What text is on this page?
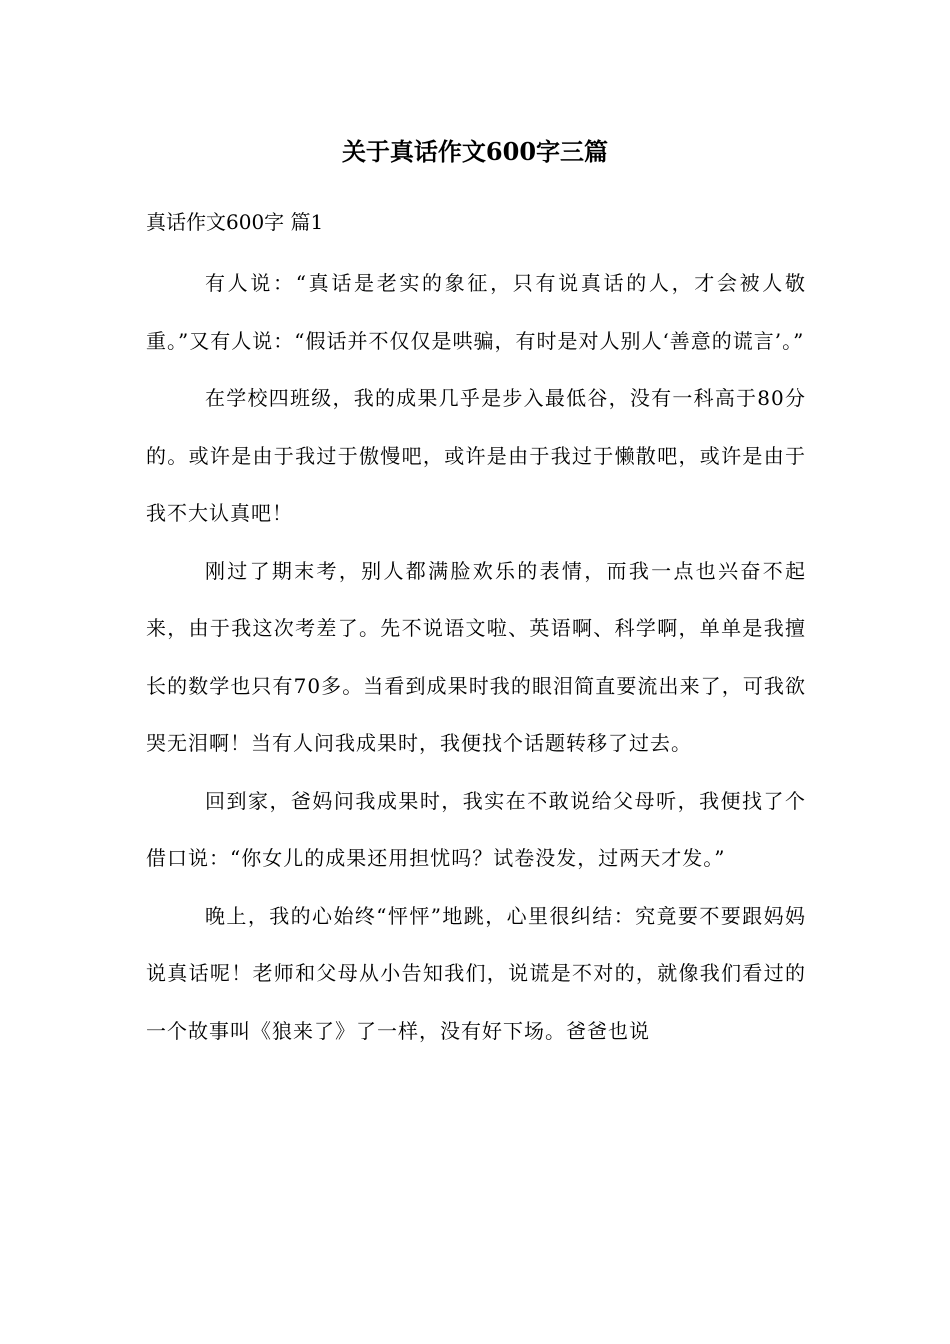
关于真话作文600字三篇
真话作文600字 篇1

有人说：“真话是老实的象征，只有说真话的人，才会被人敬重。”又有人说：“假话并不仅仅是哄骗，有时是对人别人‘善意的谎言’。”

在学校四班级，我的成果几乎是步入最低谷，没有一科高于80分的。或许是由于我过于傲慢吧，或许是由于我过于懒散吧，或许是由于我不大认真吧！

刚过了期末考，别人都满脸欢乐的表情，而我一点也兴奋不起来，由于我这次考差了。先不说语文啦、英语啊、科学啊，单单是我擅长的数学也只有70多。当看到成果时我的眼泪简直要流出来了，可我欲哭无泪啊！当有人问我成果时，我便找个话题转移了过去。

回到家，爸妈问我成果时，我实在不敢说给父母听，我便找了个借口说：“你女儿的成果还用担忧吗？试卷没发，过两天才发。”

晚上，我的心始终“怦怦”地跳，心里很纠结：究竟要不要跟妈妈说真话呢！老师和父母从小告知我们，说谎是不对的，就像我们看过的一个故事叫《狼来了》了一样，没有好下场。爸爸也说
